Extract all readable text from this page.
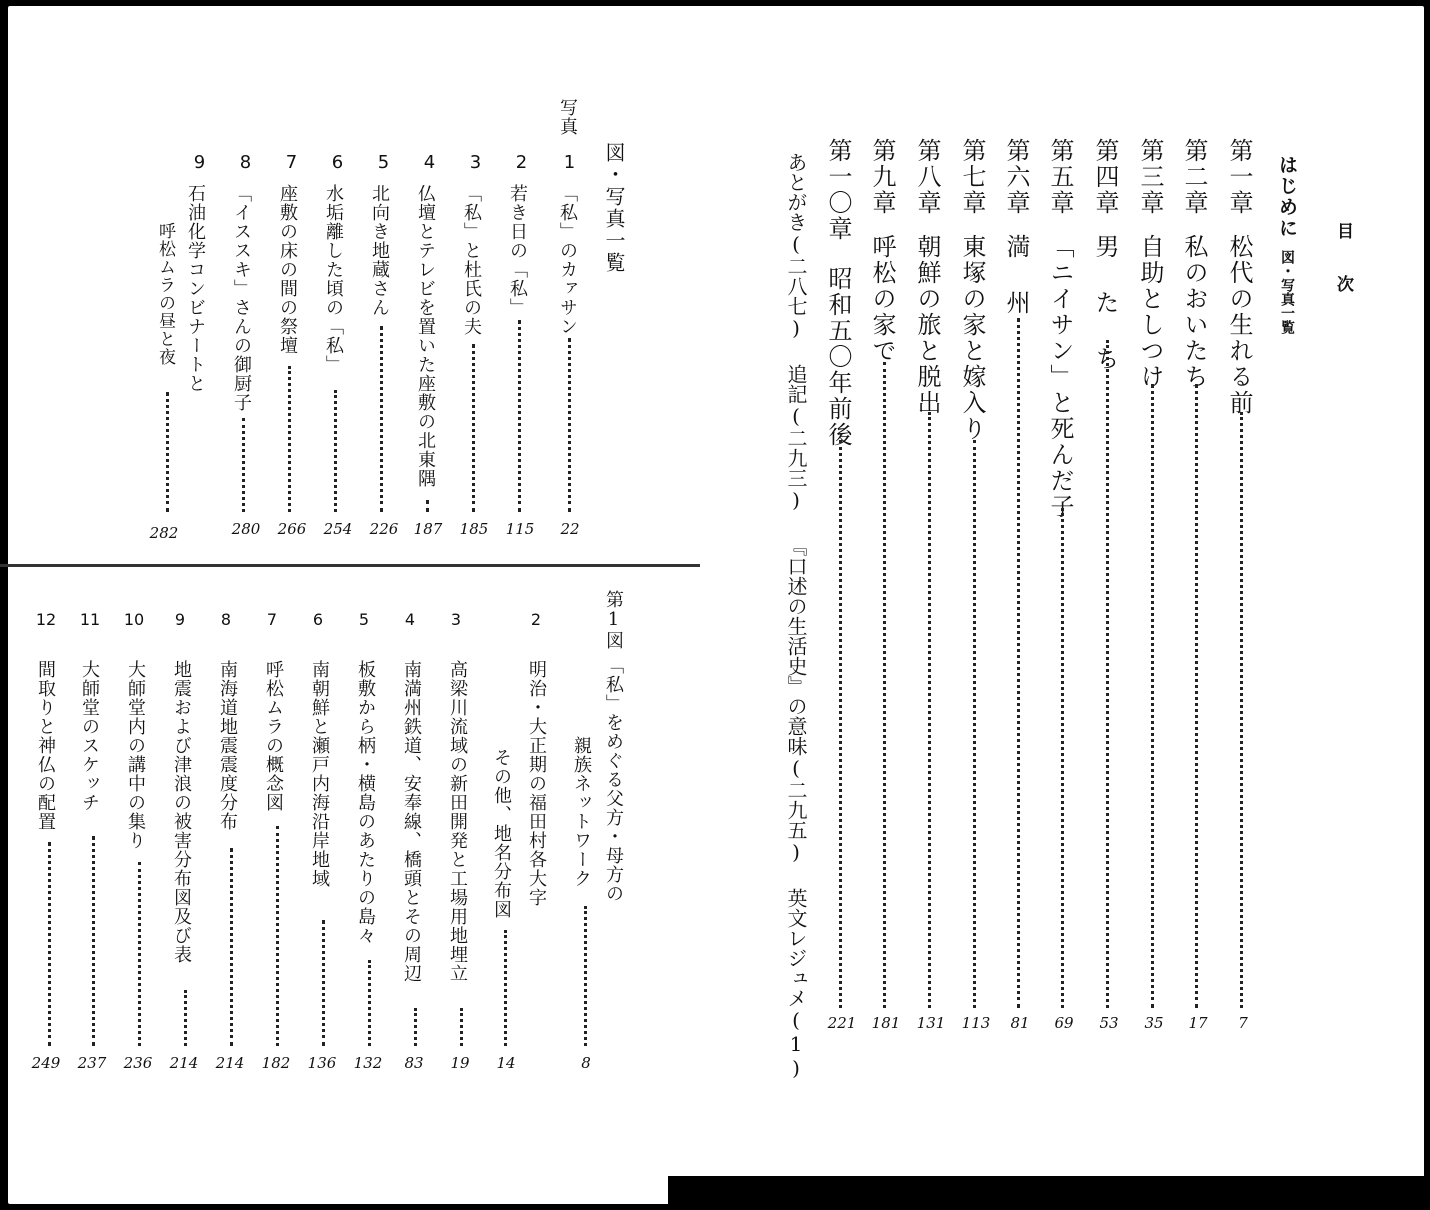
目 次
はじめに
図・写真一覧
第一章
松代の生れる前
7
第二章
私のおいたち
17
第三章
自助としつけ
35
第四章
男 た ち
53
第五章
「ニイサン」と死んだ子
69
第六章
満 州
81
第七章
東塚の家と嫁入り
113
第八章
朝鮮の旅と脱出
131
第九章
呼松の家で
181
第一〇章
昭和五〇年前後
221
あとがき(二八七) 追記(二九三) 『口述の生活史』の意味(二九五) 英文レジュメ(1)
図・写真一覧
写真
1
「私」のカァサン
22
2
若き日の「私」
115
3
「私」と杜氏の夫
185
4
仏壇とテレビを置いた座敷の北東隅
187
5
北向き地蔵さん
226
6
水垢離した頃の「私」
254
7
座敷の床の間の祭壇
266
8
「イススキ」さんの御厨子
280
9
石油化学コンビナートと
呼松ムラの昼と夜
282
第1図
「私」をめぐる父方・母方の
親族ネットワーク
8
2
明治・大正期の福田村各大字
その他、地名分布図
14
3
高梁川流域の新田開発と工場用地埋立
19
4
南満州鉄道、安奉線、橋頭とその周辺
83
5
板敷から柄・横島のあたりの島々
132
6
南朝鮮と瀬戸内海沿岸地域
136
7
呼松ムラの概念図
182
8
南海道地震震度分布
214
9
地震および津浪の被害分布図及び表
214
10
大師堂内の講中の集り
236
11
大師堂のスケッチ
237
12
間取りと神仏の配置
249
